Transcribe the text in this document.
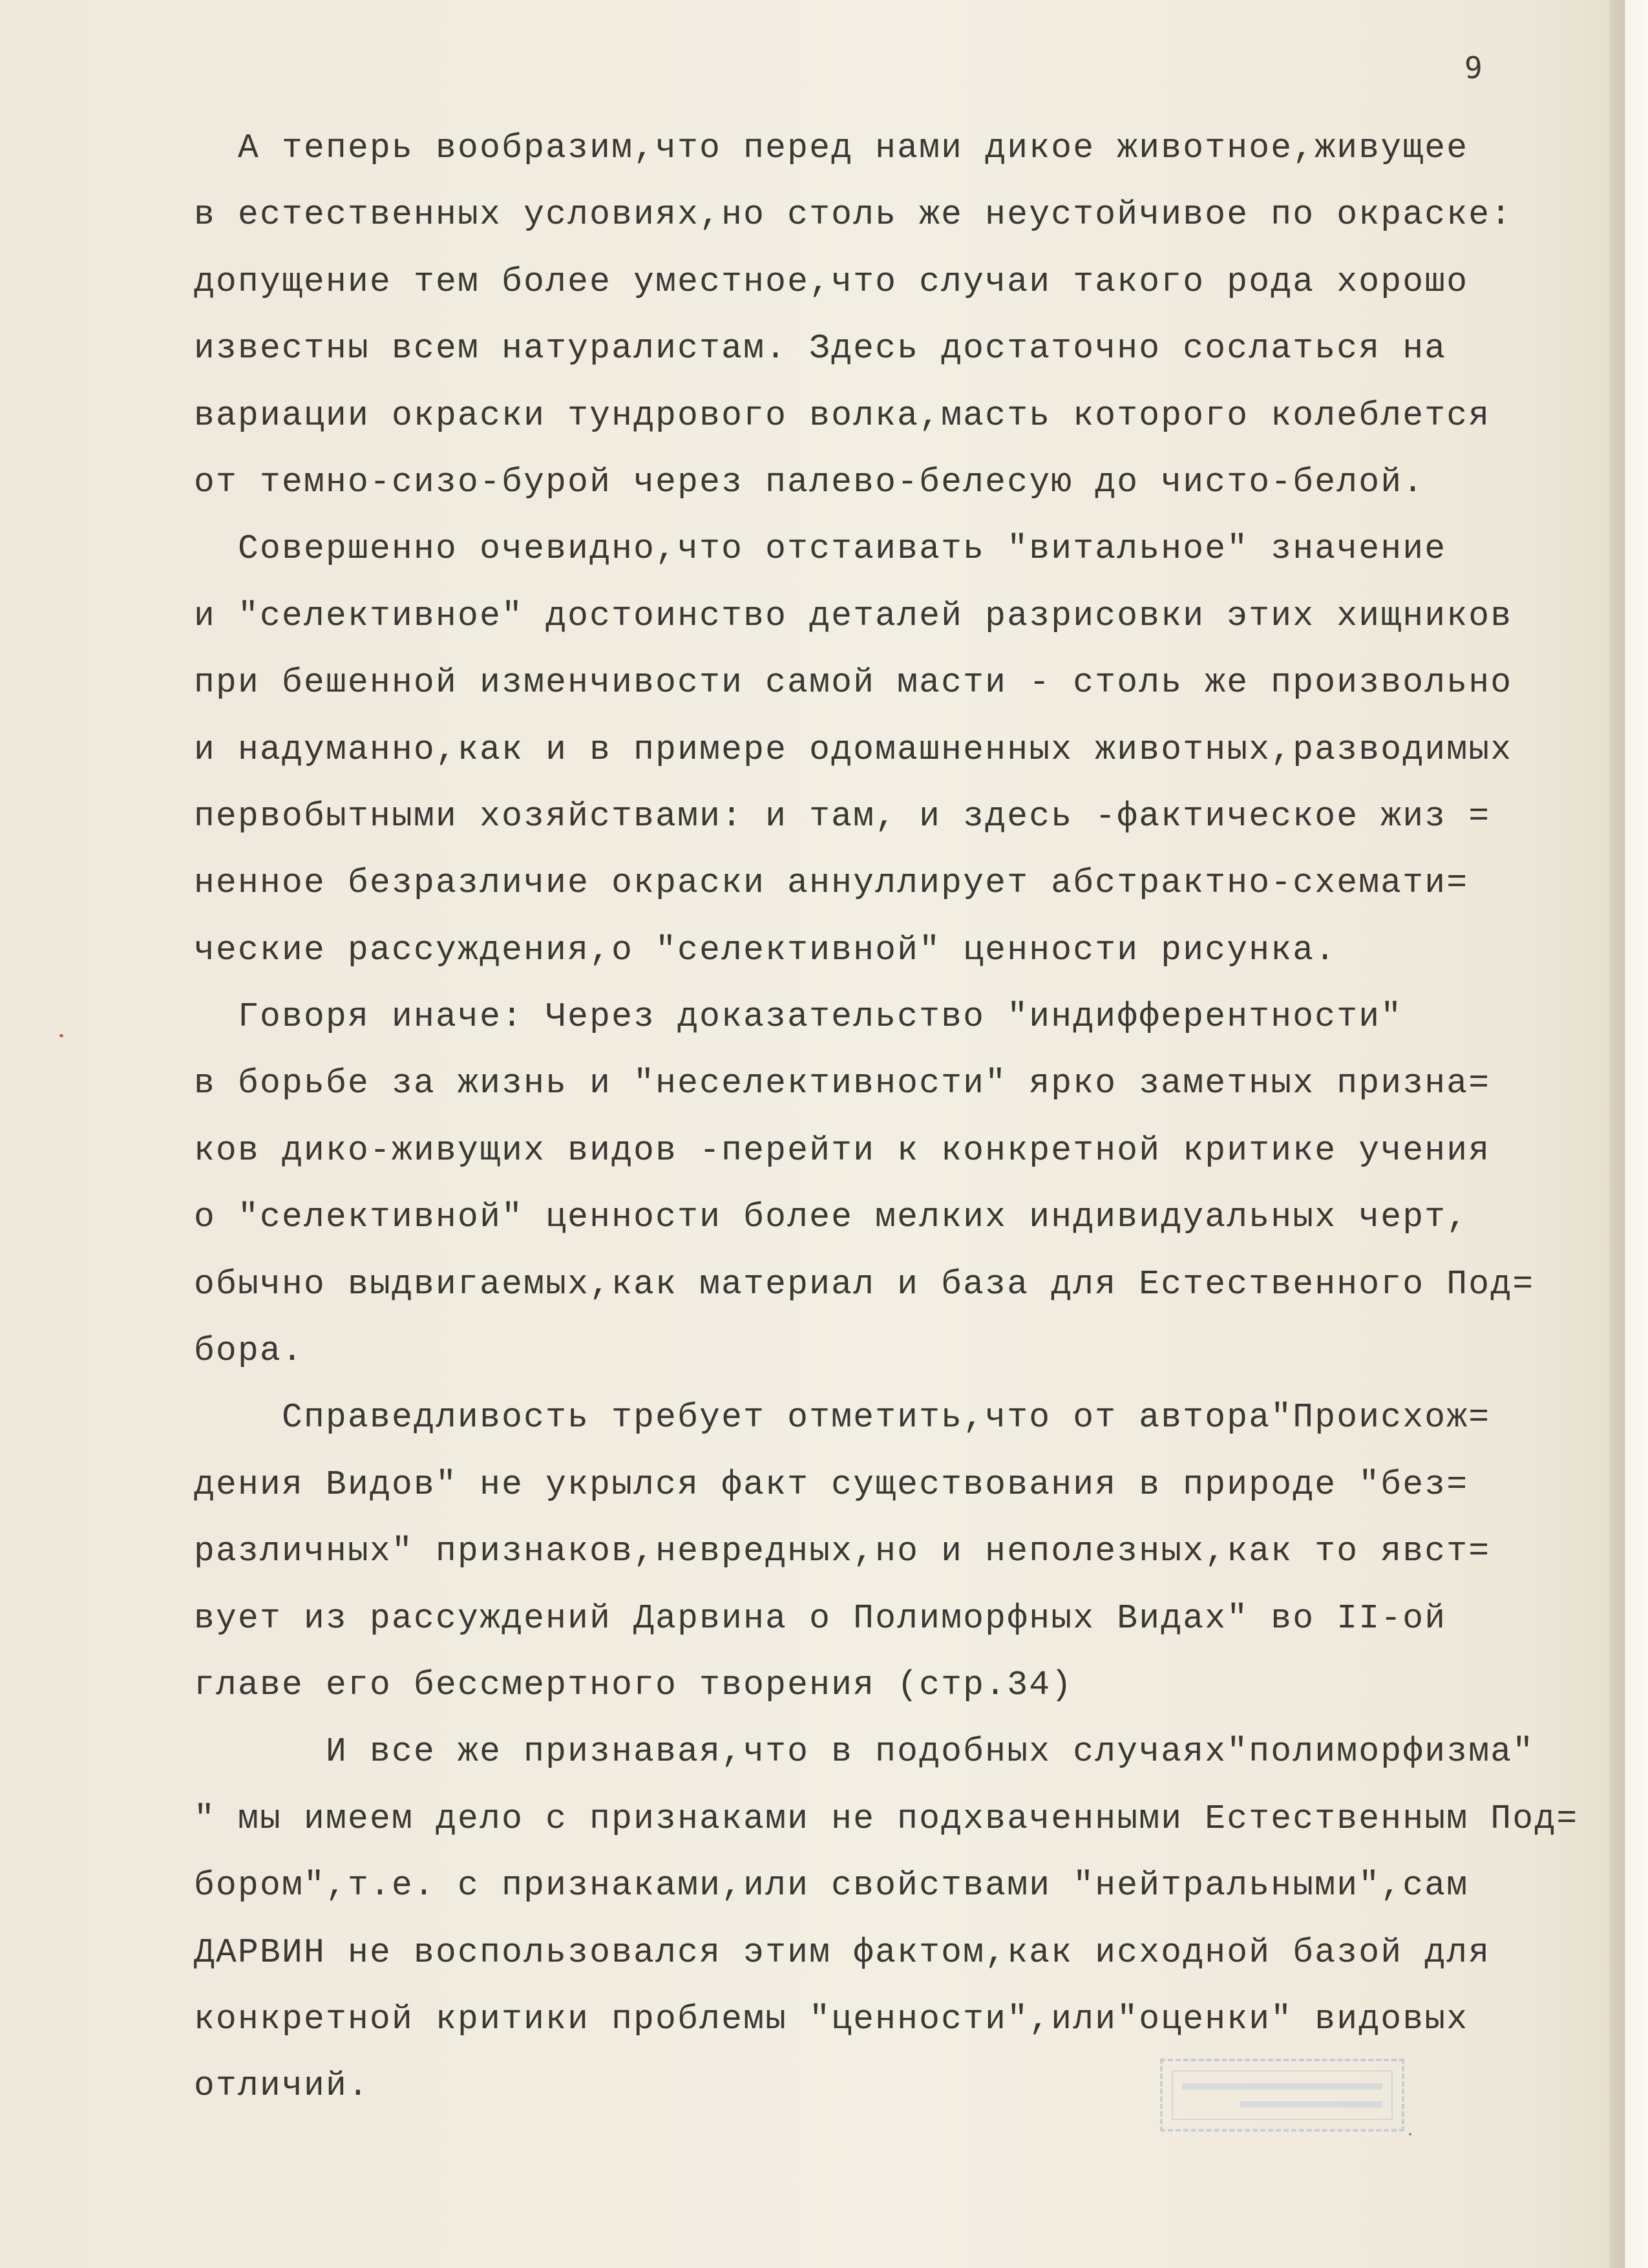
9
А теперь вообразим,что перед нами дикое животное,живущее
в естественных условиях,но столь же неустойчивое по окраске:
допущение тем более уместное,что случаи такого рода хорошо
известны всем натуралистам. Здесь достаточно сослаться на
вариации окраски тундрового волка,масть которого колеблется
от темно-сизо-бурой через палево-белесую до чисто-белой.
Совершенно очевидно,что отстаивать "витальное" значение
и "селективное" достоинство деталей разрисовки этих хищников
при бешенной изменчивости самой масти - столь же произвольно
и надуманно,как и в примере одомашненных животных,разводимых
первобытными хозяйствами: и там, и здесь -фактическое жиз =
ненное безразличие окраски аннуллирует абстрактно-схемати=
ческие рассуждения,о "селективной" ценности рисунка.
Говоря иначе: Через доказательство "индифферентности"
в борьбе за жизнь и "неселективности" ярко заметных призна=
ков дико-живущих видов -перейти к конкретной критике учения
о "селективной" ценности более мелких индивидуальных черт,
обычно выдвигаемых,как материал и база для Естественного Под=
бора.
Справедливость требует отметить,что от автора"Происхож=
дения Видов" не укрылся факт существования в природе "без=
различных" признаков,невредных,но и неполезных,как то явст=
вует из рассуждений Дарвина о Полиморфных Видах" во II-ой
главе его бессмертного творения (стр.34)
И все же признавая,что в подобных случаях"полиморфизма"
" мы имеем дело с признаками не подхваченными Естественным Под=
бором",т.е. с признаками,или свойствами "нейтральными",сам
ДАРВИН не воспользовался этим фактом,как исходной базой для
конкретной критики проблемы "ценности",или"оценки" видовых
отличий.
